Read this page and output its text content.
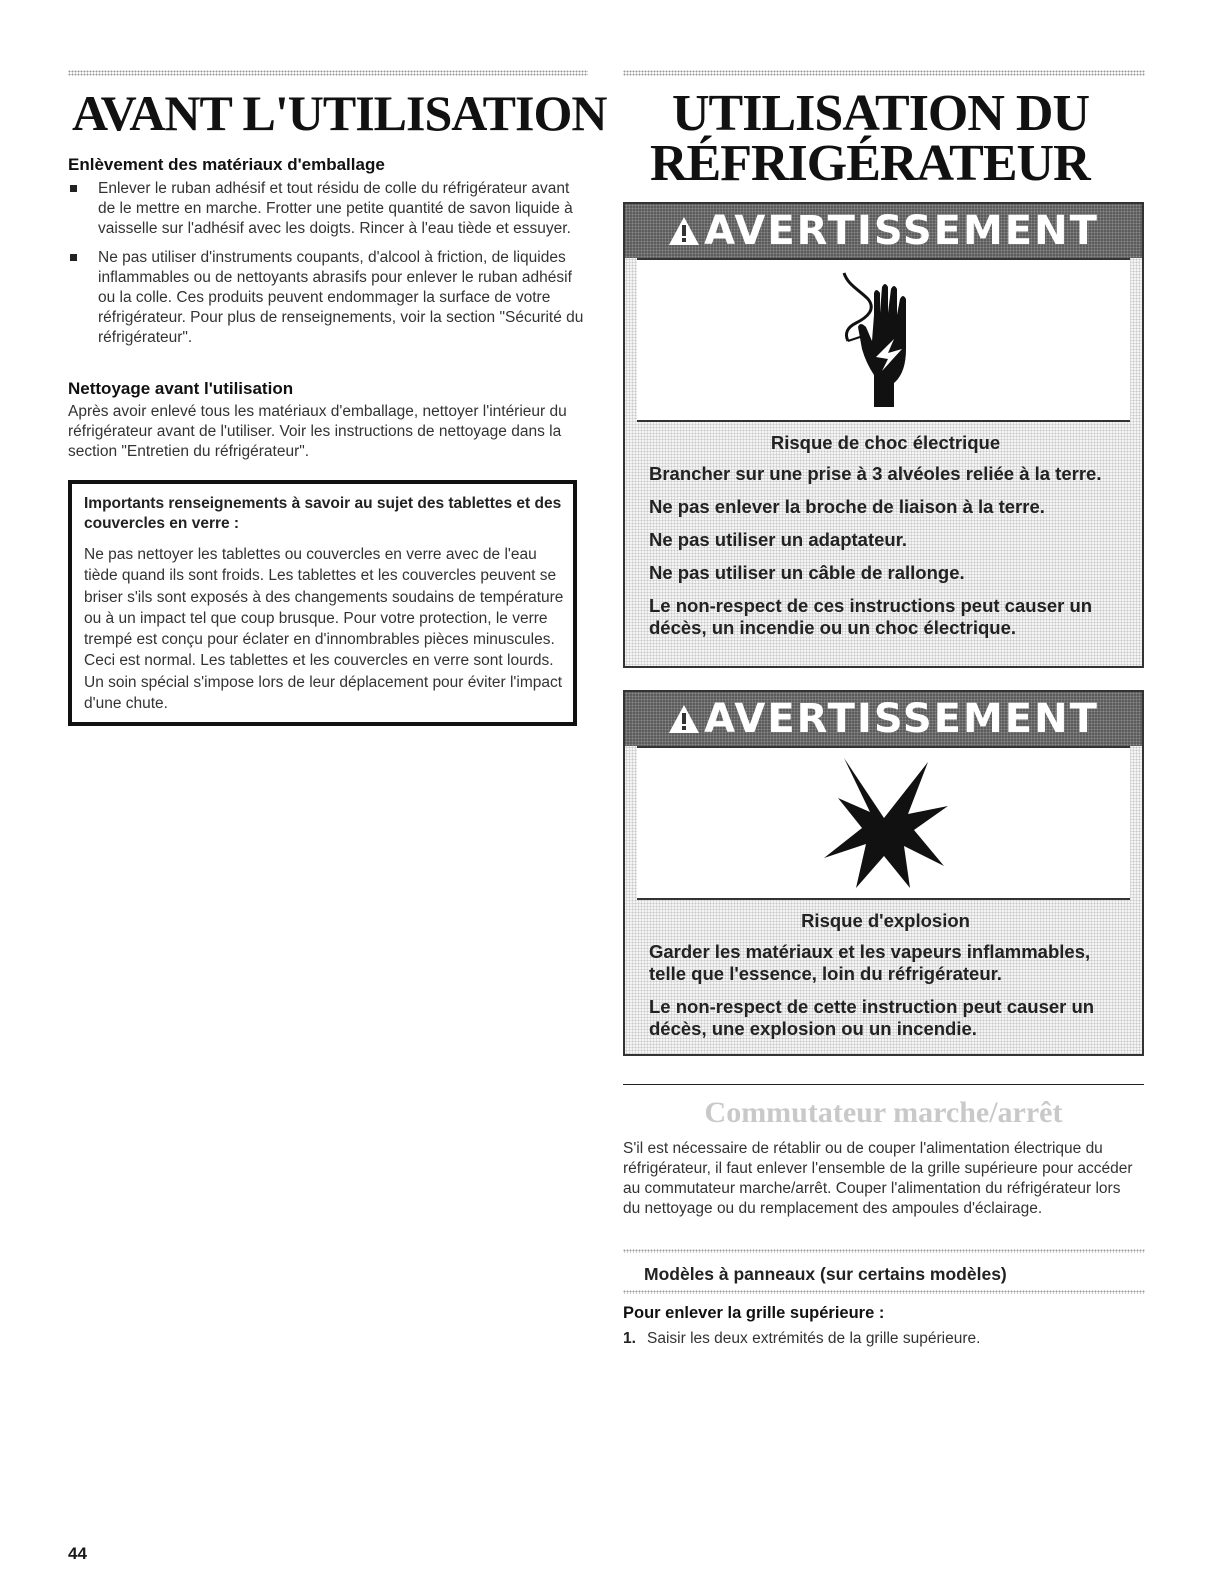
AVANT L'UTILISATION
Enlèvement des matériaux d'emballage
Enlever le ruban adhésif et tout résidu de colle du réfrigérateur avant de le mettre en marche. Frotter une petite quantité de savon liquide à vaisselle sur l'adhésif avec les doigts. Rincer à l'eau tiède et essuyer.
Ne pas utiliser d'instruments coupants, d'alcool à friction, de liquides inflammables ou de nettoyants abrasifs pour enlever le ruban adhésif ou la colle. Ces produits peuvent endommager la surface de votre réfrigérateur. Pour plus de renseignements, voir la section "Sécurité du réfrigérateur".
Nettoyage avant l'utilisation
Après avoir enlevé tous les matériaux d'emballage, nettoyer l'intérieur du réfrigérateur avant de l'utiliser. Voir les instructions de nettoyage dans la section "Entretien du réfrigérateur".
Importants renseignements à savoir au sujet des tablettes et des couvercles en verre :
Ne pas nettoyer les tablettes ou couvercles en verre avec de l'eau tiède quand ils sont froids. Les tablettes et les couvercles peuvent se briser s'ils sont exposés à des changements soudains de température ou à un impact tel que coup brusque. Pour votre protection, le verre trempé est conçu pour éclater en d'innombrables pièces minuscules. Ceci est normal. Les tablettes et les couvercles en verre sont lourds. Un soin spécial s'impose lors de leur déplacement pour éviter l'impact d'une chute.
UTILISATION DU
RÉFRIGÉRATEUR
AVERTISSEMENT
Risque de choc électrique

Brancher sur une prise à 3 alvéoles reliée à la terre.

Ne pas enlever la broche de liaison à la terre.

Ne pas utiliser un adaptateur.

Ne pas utiliser un câble de rallonge.

Le non-respect de ces instructions peut causer un décès, un incendie ou un choc électrique.

AVERTISSEMENT
Risque d'explosion

Garder les matériaux et les vapeurs inflammables, telle que l'essence, loin du réfrigérateur.

Le non-respect de cette instruction peut causer un décès, une explosion ou un incendie.

Commutateur marche/arrêt
S'il est nécessaire de rétablir ou de couper l'alimentation électrique du réfrigérateur, il faut enlever l'ensemble de la grille supérieure pour accéder au commutateur marche/arrêt. Couper l'alimentation du réfrigérateur lors du nettoyage ou du remplacement des ampoules d'éclairage.
Modèles à panneaux (sur certains modèles)
Pour enlever la grille supérieure :
1. Saisir les deux extrémités de la grille supérieure.
44
